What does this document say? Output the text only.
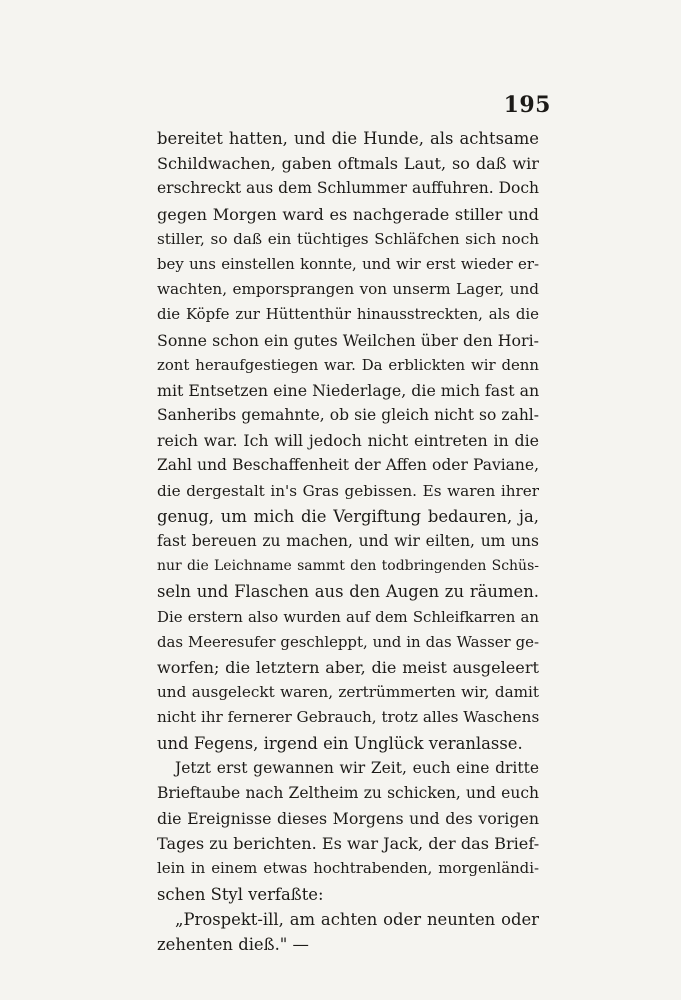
195
bereitet hatten, und die Hunde, als achtsame
Schildwachen, gaben oftmals Laut, so daß wir
erschreckt aus dem Schlummer auffuhren. Doch
gegen Morgen ward es nachgerade stiller und
stiller, so daß ein tüchtiges Schläfchen sich noch
bey uns einstellen konnte, und wir erst wieder er-
wachten, emporsprangen von unserm Lager, und
die Köpfe zur Hüttenthür hinausstreckten, als die
Sonne schon ein gutes Weilchen über den Hori-
zont heraufgestiegen war. Da erblickten wir denn
mit Entsetzen eine Niederlage, die mich fast an
Sanheribs gemahnte, ob sie gleich nicht so zahl-
reich war. Ich will jedoch nicht eintreten in die
Zahl und Beschaffenheit der Affen oder Paviane,
die dergestalt in's Gras gebissen. Es waren ihrer
genug, um mich die Vergiftung bedauren, ja,
fast bereuen zu machen, und wir eilten, um uns
nur die Leichname sammt den todbringenden Schüs-
seln und Flaschen aus den Augen zu räumen.
Die erstern also wurden auf dem Schleifkarren an
das Meeresufer geschleppt, und in das Wasser ge-
worfen; die letztern aber, die meist ausgeleert
und ausgeleckt waren, zertrümmerten wir, damit
nicht ihr fernerer Gebrauch, trotz alles Waschens
und Fegens, irgend ein Unglück veranlasse.
Jetzt erst gewannen wir Zeit, euch eine dritte
Brieftaube nach Zeltheim zu schicken, und euch
die Ereignisse dieses Morgens und des vorigen
Tages zu berichten. Es war Jack, der das Brief-
lein in einem etwas hochtrabenden, morgenländi-
schen Styl verfaßte:
„Prospekt-ill, am achten oder neunten oder
zehenten dieß." —
